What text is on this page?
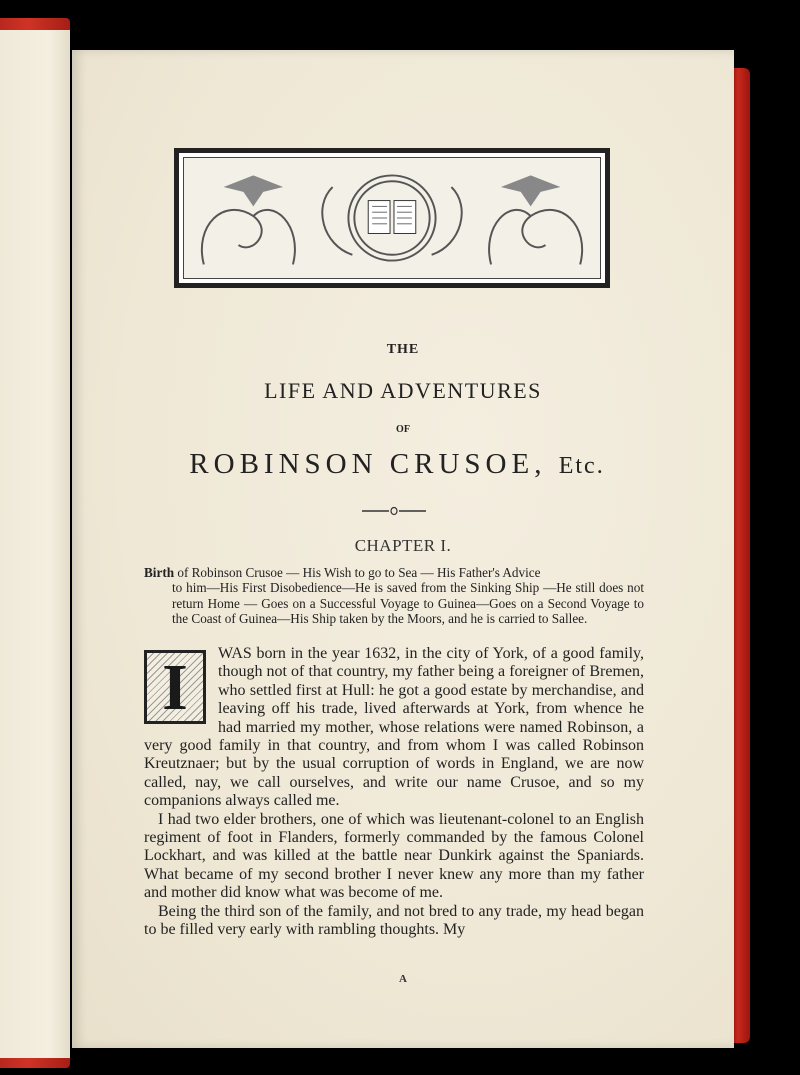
THE
LIFE AND ADVENTURES
OF
ROBINSON CRUSOE, Etc.
CHAPTER I.
Birth of Robinson Crusoe — His Wish to go to Sea — His Father's Advice
to him—His First Disobedience—He is saved from the Sinking Ship —He still does not return Home — Goes on a Successful Voyage to Guinea—Goes on a Second Voyage to the Coast of Guinea—His Ship taken by the Moors, and he is carried to Sallee.
I	WAS born in the year 1632, in the city of York, of a good family, though not of that country, my father being a foreigner of Bremen, who settled first at Hull: he got a good estate by merchandise, and leaving off his trade, lived afterwards at York, from whence he had married my mother, whose relations were named Robinson, a very good family in that country, and from whom I was called Robinson Kreutznaer; but by the usual corruption of words in England, we are now called, nay, we call ourselves, and write our name Crusoe, and so my companions always called me.

I had two elder brothers, one of which was lieutenant-colonel to an English regiment of foot in Flanders, formerly commanded by the famous Colonel Lockhart, and was killed at the battle near Dunkirk against the Spaniards. What became of my second brother I never knew any more than my father and mother did know what was become of me.

Being the third son of the family, and not bred to any trade, my head began to be filled very early with rambling thoughts. My

A
